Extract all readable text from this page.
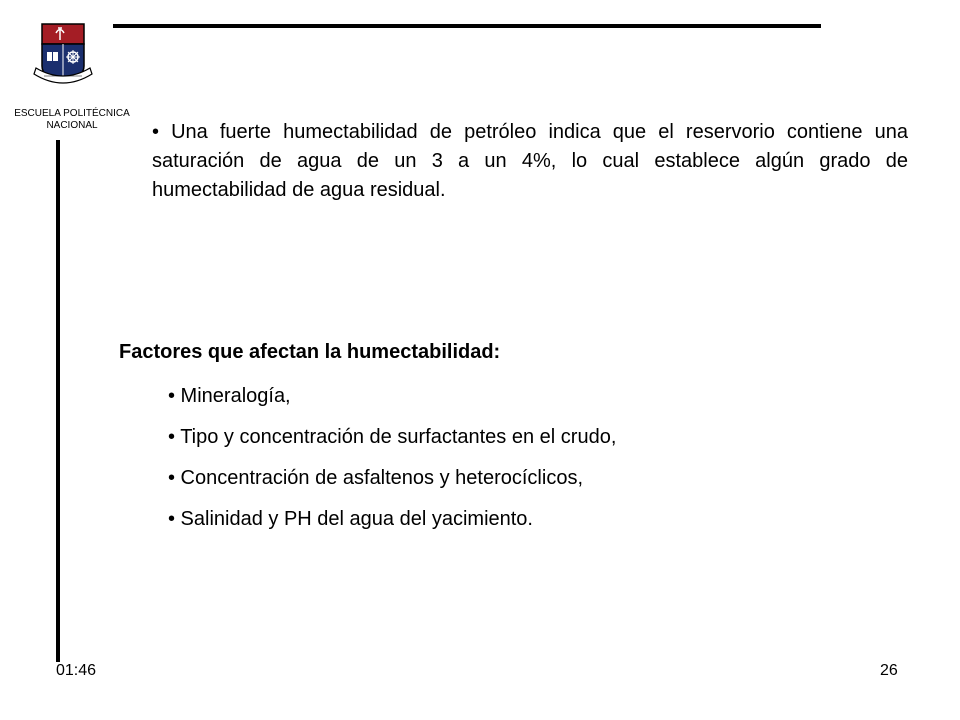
ESCUELA POLITÉCNICA NACIONAL	• Una fuerte humectabilidad de petróleo indica que el reservorio contiene una saturación de agua de un 3 a un 4%, lo cual establece algún grado de humectabilidad de agua residual.
Factores que afectan la humectabilidad:
• Mineralogía,
• Tipo y concentración de surfactantes en el crudo,
• Concentración de asfaltenos y heterocíclicos,
• Salinidad y PH del agua del yacimiento.
01:46	26
